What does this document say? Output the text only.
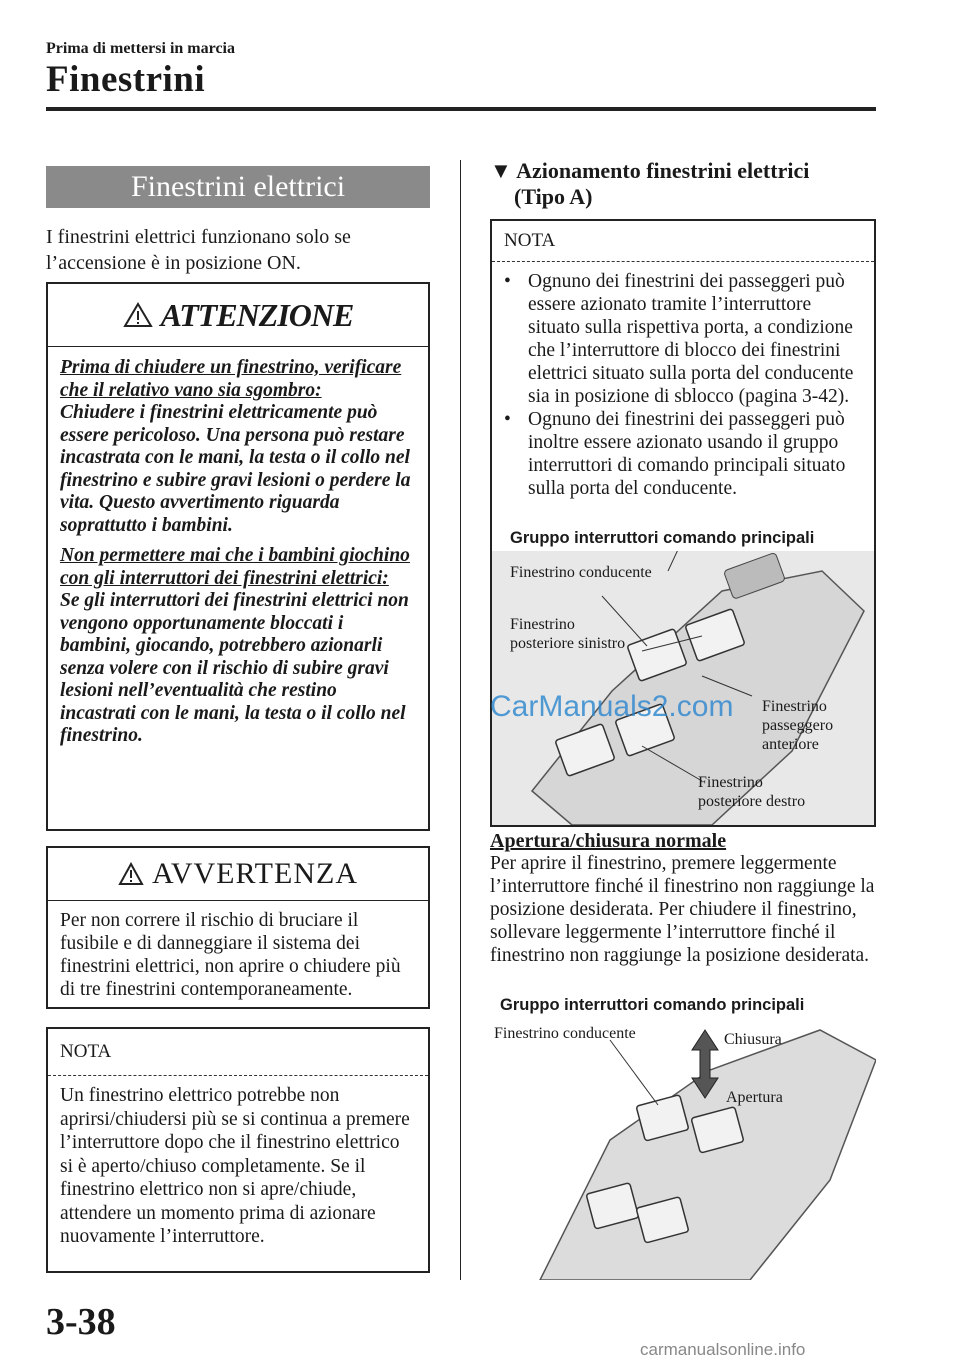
Prima di mettersi in marcia
Finestrini
Finestrini elettrici
I finestrini elettrici funzionano solo se l’accensione è in posizione ON.
ATTENZIONE

Prima di chiudere un finestrino, verificare che il relativo vano sia sgombro:
Chiudere i finestrini elettricamente può essere pericoloso. Una persona può restare incastrata con le mani, la testa o il collo nel finestrino e subire gravi lesioni o perdere la vita. Questo avvertimento riguarda soprattutto i bambini.

Non permettere mai che i bambini giochino con gli interruttori dei finestrini elettrici:
Se gli interruttori dei finestrini elettrici non vengono opportunamente bloccati i bambini, giocando, potrebbero azionarli senza volere con il rischio di subire gravi lesioni nell’eventualità che restino incastrati con le mani, la testa o il collo nel finestrino.

AVVERTENZA
Per non correre il rischio di bruciare il fusibile e di danneggiare il sistema dei finestrini elettrici, non aprire o chiudere più di tre finestrini contemporaneamente.
NOTA
Un finestrino elettrico potrebbe non aprirsi/chiudersi più se si continua a premere l’interruttore dopo che il finestrino elettrico si è aperto/chiuso completamente. Se il finestrino elettrico non si apre/chiude, attendere un momento prima di azionare nuovamente l’interruttore.
▼ Azionamento finestrini elettrici
(Tipo A)
NOTA
• Ognuno dei finestrini dei passeggeri può essere azionato tramite l’interruttore situato sulla rispettiva porta, a condizione che l’interruttore di blocco dei finestrini elettrici situato sulla porta del conducente sia in posizione di sblocco (pagina 3-42).
• Ognuno dei finestrini dei passeggeri può inoltre essere azionato usando il gruppo interruttori di comando principali situato sulla porta del conducente.
Gruppo interruttori comando principali
Finestrino conducente
Finestrino
posteriore sinistro
Finestrino
passeggero
anteriore
Finestrino
posteriore destro
Apertura/chiusura normale
Per aprire il finestrino, premere leggermente l’interruttore finché il finestrino non raggiunge la posizione desiderata. Per chiudere il finestrino, sollevare leggermente l’interruttore finché il finestrino non raggiunge la posizione desiderata.
Gruppo interruttori comando principali
Finestrino conducente	Chiusura
Apertura
3-38
CarManuals2.com
carmanualsonline.info
